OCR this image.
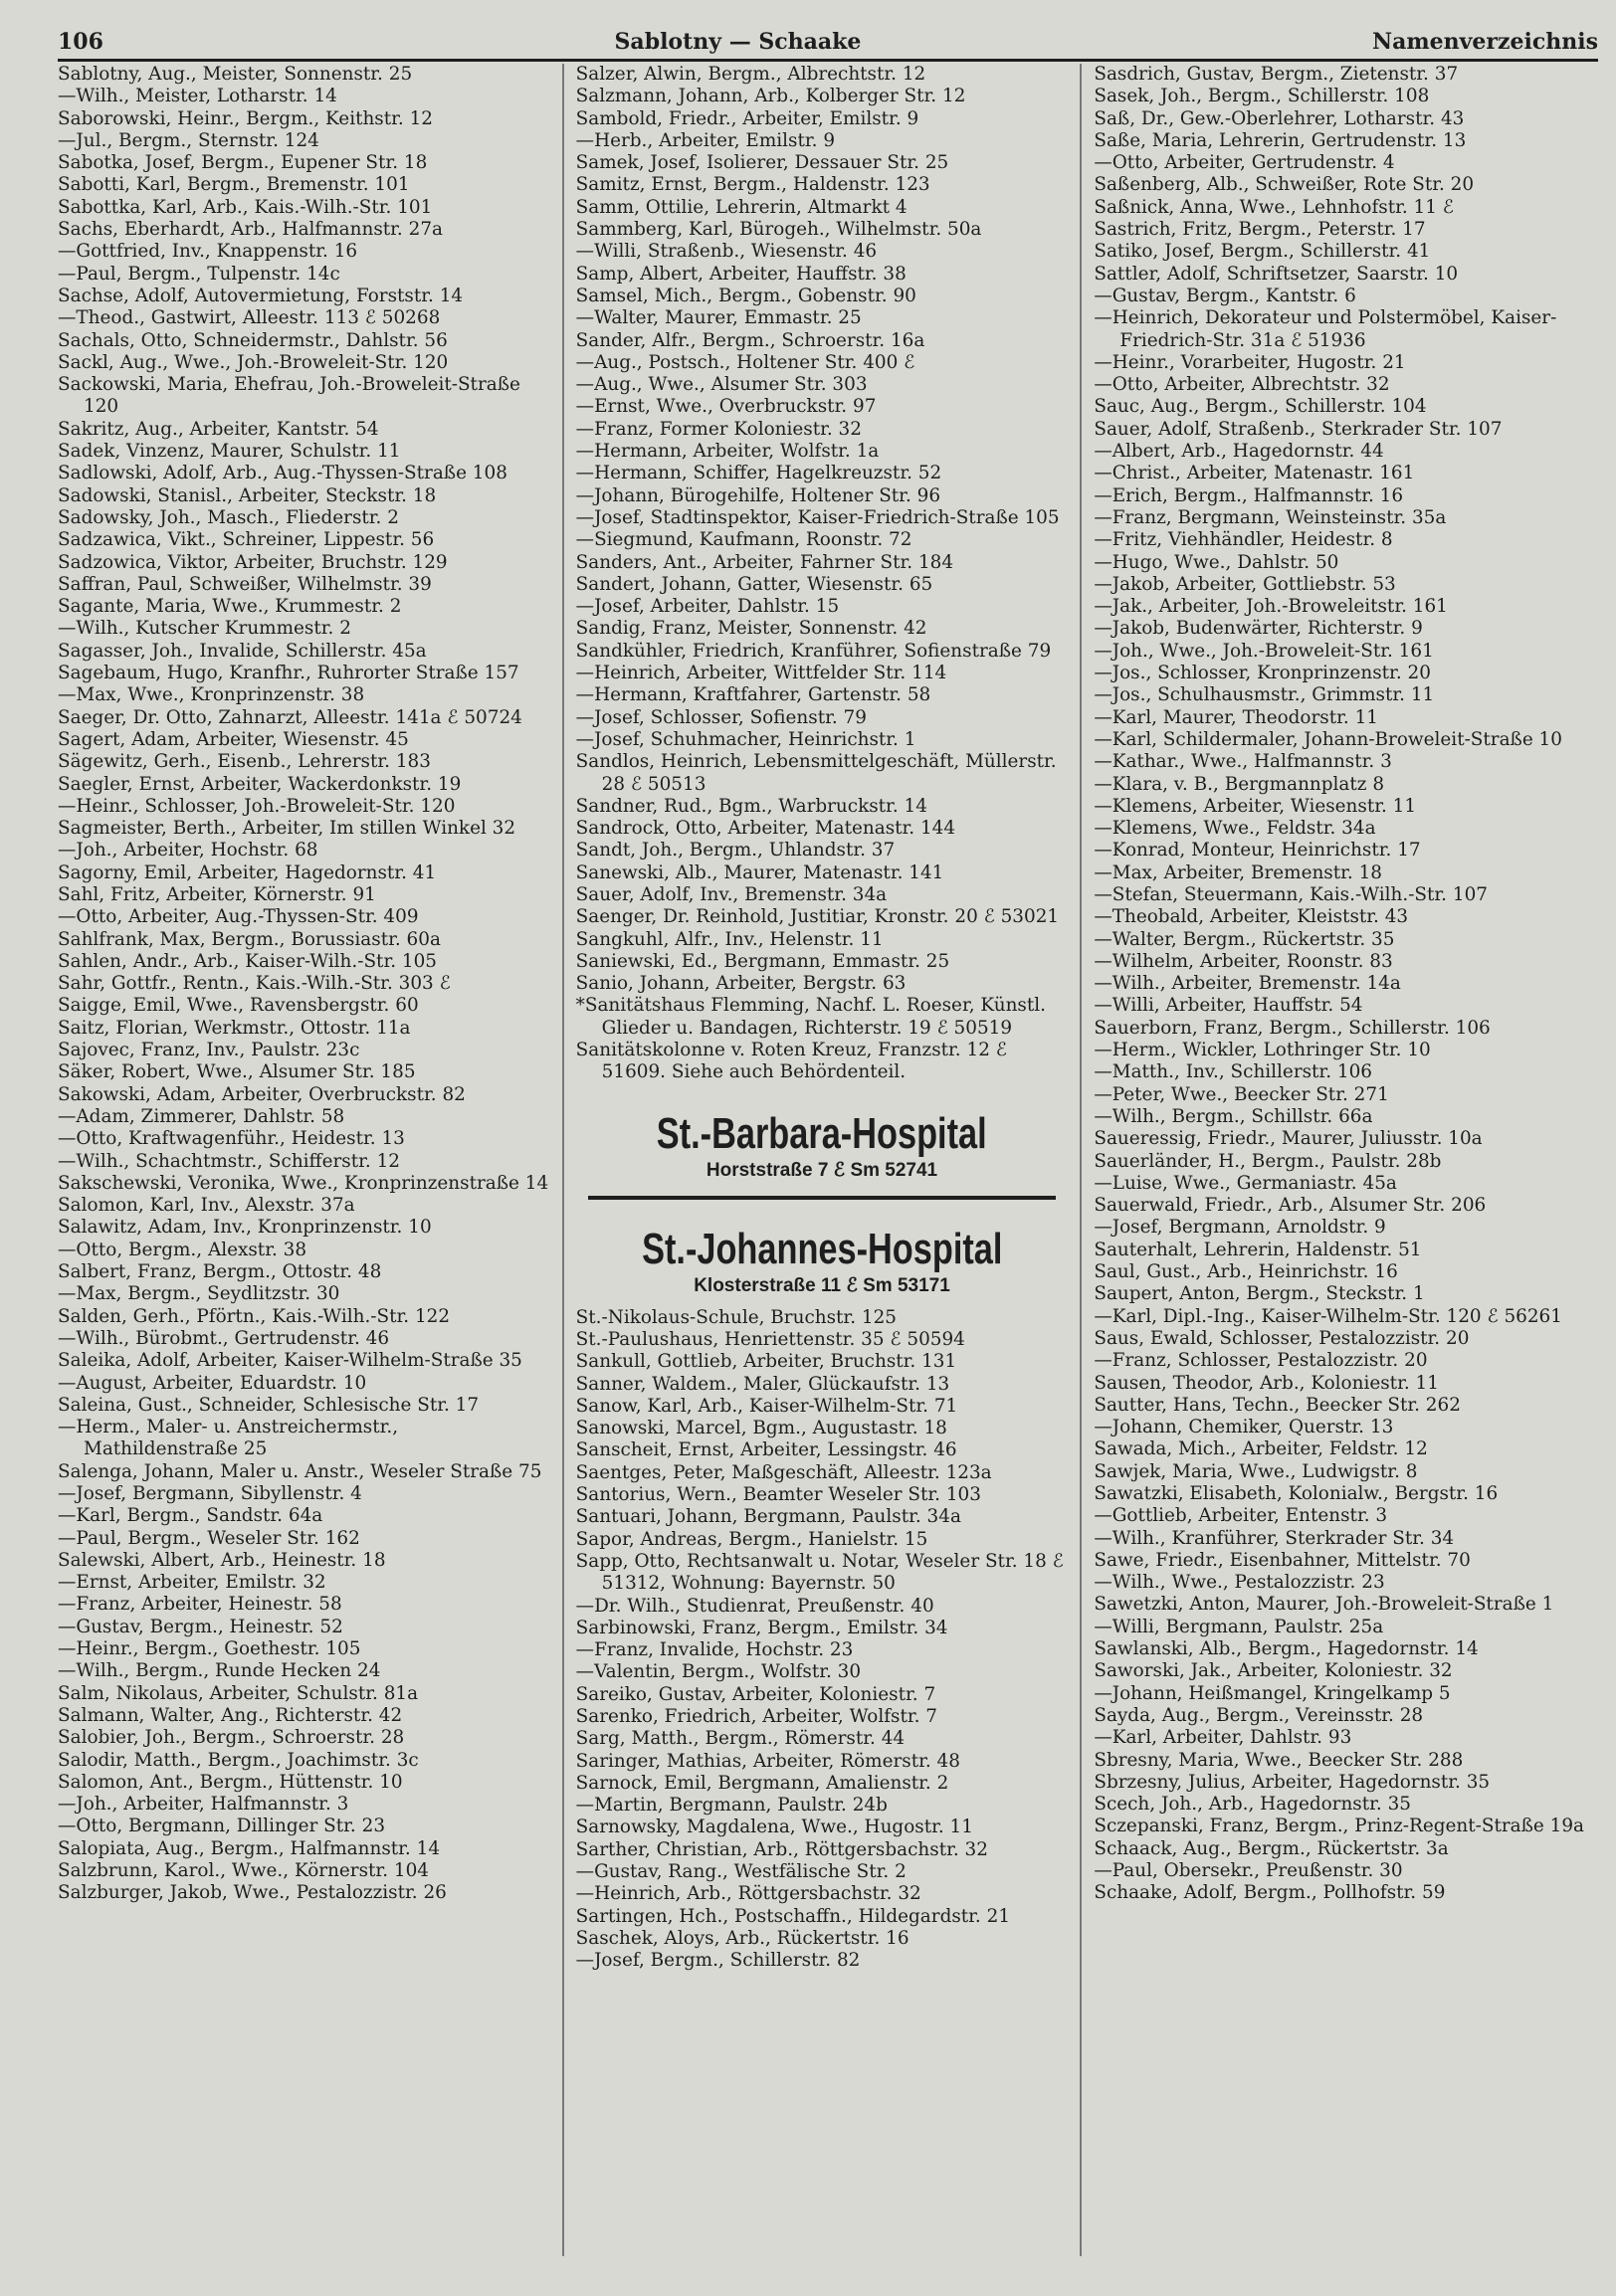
106	Sablotny — Schaake	Namenverzeichnis

Sablotny, Aug., Meister, Sonnenstr. 25

—Wilh., Meister, Lotharstr. 14

Saborowski, Heinr., Bergm., Keithstr. 12

—Jul., Bergm., Sternstr. 124

Sabotka, Josef, Bergm., Eupener Str. 18

Sabotti, Karl, Bergm., Bremenstr. 101

Sabottka, Karl, Arb., Kais.-Wilh.-Str. 101

Sachs, Eberhardt, Arb., Halfmannstr. 27a

—Gottfried, Inv., Knappenstr. 16

—Paul, Bergm., Tulpenstr. 14c

Sachse, Adolf, Autovermietung, Forststr. 14

—Theod., Gastwirt, Alleestr. 113 ℰ 50268

Sachals, Otto, Schneidermstr., Dahlstr. 56

Sackl, Aug., Wwe., Joh.-Broweleit-Str. 120

Sackowski, Maria, Ehefrau, Joh.-Broweleit-Straße 120

Sakritz, Aug., Arbeiter, Kantstr. 54

Sadek, Vinzenz, Maurer, Schulstr. 11

Sadlowski, Adolf, Arb., Aug.-Thyssen-Straße 108

Sadowski, Stanisl., Arbeiter, Steckstr. 18

Sadowsky, Joh., Masch., Fliederstr. 2

Sadzawica, Vikt., Schreiner, Lippestr. 56

Sadzowica, Viktor, Arbeiter, Bruchstr. 129

Saffran, Paul, Schweißer, Wilhelmstr. 39

Sagante, Maria, Wwe., Krummestr. 2

—Wilh., Kutscher Krummestr. 2

Sagasser, Joh., Invalide, Schillerstr. 45a

Sagebaum, Hugo, Kranfhr., Ruhrorter Straße 157

—Max, Wwe., Kronprinzenstr. 38

Saeger, Dr. Otto, Zahnarzt, Alleestr. 141a ℰ 50724

Sagert, Adam, Arbeiter, Wiesenstr. 45

Sägewitz, Gerh., Eisenb., Lehrerstr. 183

Saegler, Ernst, Arbeiter, Wackerdonkstr. 19

—Heinr., Schlosser, Joh.-Broweleit-Str. 120

Sagmeister, Berth., Arbeiter, Im stillen Winkel 32

—Joh., Arbeiter, Hochstr. 68

Sagorny, Emil, Arbeiter, Hagedornstr. 41

Sahl, Fritz, Arbeiter, Körnerstr. 91

—Otto, Arbeiter, Aug.-Thyssen-Str. 409

Sahlfrank, Max, Bergm., Borussiastr. 60a

Sahlen, Andr., Arb., Kaiser-Wilh.-Str. 105

Sahr, Gottfr., Rentn., Kais.-Wilh.-Str. 303 ℰ

Saigge, Emil, Wwe., Ravensbergstr. 60

Saitz, Florian, Werkmstr., Ottostr. 11a

Sajovec, Franz, Inv., Paulstr. 23c

Säker, Robert, Wwe., Alsumer Str. 185

Sakowski, Adam, Arbeiter, Overbruckstr. 82

—Adam, Zimmerer, Dahlstr. 58

—Otto, Kraftwagenführ., Heidestr. 13

—Wilh., Schachtmstr., Schifferstr. 12

Sakschewski, Veronika, Wwe., Kronprinzenstraße 14

Salomon, Karl, Inv., Alexstr. 37a

Salawitz, Adam, Inv., Kronprinzenstr. 10

—Otto, Bergm., Alexstr. 38

Salbert, Franz, Bergm., Ottostr. 48

—Max, Bergm., Seydlitzstr. 30

Salden, Gerh., Pförtn., Kais.-Wilh.-Str. 122

—Wilh., Bürobmt., Gertrudenstr. 46

Saleika, Adolf, Arbeiter, Kaiser-Wilhelm-Straße 35

—August, Arbeiter, Eduardstr. 10

Saleina, Gust., Schneider, Schlesische Str. 17

—Herm., Maler- u. Anstreichermstr., Mathildenstraße 25

Salenga, Johann, Maler u. Anstr., Weseler Straße 75

—Josef, Bergmann, Sibyllenstr. 4

—Karl, Bergm., Sandstr. 64a

—Paul, Bergm., Weseler Str. 162

Salewski, Albert, Arb., Heinestr. 18

—Ernst, Arbeiter, Emilstr. 32

—Franz, Arbeiter, Heinestr. 58

—Gustav, Bergm., Heinestr. 52

—Heinr., Bergm., Goethestr. 105

—Wilh., Bergm., Runde Hecken 24

Salm, Nikolaus, Arbeiter, Schulstr. 81a

Salmann, Walter, Ang., Richterstr. 42

Salobier, Joh., Bergm., Schroerstr. 28

Salodir, Matth., Bergm., Joachimstr. 3c

Salomon, Ant., Bergm., Hüttenstr. 10

—Joh., Arbeiter, Halfmannstr. 3

—Otto, Bergmann, Dillinger Str. 23

Salopiata, Aug., Bergm., Halfmannstr. 14

Salzbrunn, Karol., Wwe., Körnerstr. 104

Salzburger, Jakob, Wwe., Pestalozzistr. 26

Salzer, Alwin, Bergm., Albrechtstr. 12

Salzmann, Johann, Arb., Kolberger Str. 12

Sambold, Friedr., Arbeiter, Emilstr. 9

—Herb., Arbeiter, Emilstr. 9

Samek, Josef, Isolierer, Dessauer Str. 25

Samitz, Ernst, Bergm., Haldenstr. 123

Samm, Ottilie, Lehrerin, Altmarkt 4

Sammberg, Karl, Bürogeh., Wilhelmstr. 50a

—Willi, Straßenb., Wiesenstr. 46

Samp, Albert, Arbeiter, Hauffstr. 38

Samsel, Mich., Bergm., Gobenstr. 90

—Walter, Maurer, Emmastr. 25

Sander, Alfr., Bergm., Schroerstr. 16a

—Aug., Postsch., Holtener Str. 400 ℰ

—Aug., Wwe., Alsumer Str. 303

—Ernst, Wwe., Overbruckstr. 97

—Franz, Former Koloniestr. 32

—Hermann, Arbeiter, Wolfstr. 1a

—Hermann, Schiffer, Hagelkreuzstr. 52

—Johann, Bürogehilfe, Holtener Str. 96

—Josef, Stadtinspektor, Kaiser-Friedrich-Straße 105

—Siegmund, Kaufmann, Roonstr. 72

Sanders, Ant., Arbeiter, Fahrner Str. 184

Sandert, Johann, Gatter, Wiesenstr. 65

—Josef, Arbeiter, Dahlstr. 15

Sandig, Franz, Meister, Sonnenstr. 42

Sandkühler, Friedrich, Kranführer, Sofienstraße 79

—Heinrich, Arbeiter, Wittfelder Str. 114

—Hermann, Kraftfahrer, Gartenstr. 58

—Josef, Schlosser, Sofienstr. 79

—Josef, Schuhmacher, Heinrichstr. 1

Sandlos, Heinrich, Lebensmittelgeschäft, Müllerstr. 28 ℰ 50513

Sandner, Rud., Bgm., Warbruckstr. 14

Sandrock, Otto, Arbeiter, Matenastr. 144

Sandt, Joh., Bergm., Uhlandstr. 37

Sanewski, Alb., Maurer, Matenastr. 141

Sauer, Adolf, Inv., Bremenstr. 34a

Saenger, Dr. Reinhold, Justitiar, Kronstr. 20 ℰ 53021

Sangkuhl, Alfr., Inv., Helenstr. 11

Saniewski, Ed., Bergmann, Emmastr. 25

Sanio, Johann, Arbeiter, Bergstr. 63

*Sanitätshaus Flemming, Nachf. L. Roeser, Künstl. Glieder u. Bandagen, Richterstr. 19 ℰ 50519

Sanitätskolonne v. Roten Kreuz, Franzstr. 12 ℰ 51609. Siehe auch Behördenteil.

St.-Barbara-Hospital
Horststraße 7 ℰ Sm 52741
St.-Johannes-Hospital
Klosterstraße 11 ℰ Sm 53171

St.-Nikolaus-Schule, Bruchstr. 125

St.-Paulushaus, Henriettenstr. 35 ℰ 50594

Sankull, Gottlieb, Arbeiter, Bruchstr. 131

Sanner, Waldem., Maler, Glückaufstr. 13

Sanow, Karl, Arb., Kaiser-Wilhelm-Str. 71

Sanowski, Marcel, Bgm., Augustastr. 18

Sanscheit, Ernst, Arbeiter, Lessingstr. 46

Saentges, Peter, Maßgeschäft, Alleestr. 123a

Santorius, Wern., Beamter Weseler Str. 103

Santuari, Johann, Bergmann, Paulstr. 34a

Sapor, Andreas, Bergm., Hanielstr. 15

Sapp, Otto, Rechtsanwalt u. Notar, Weseler Str. 18 ℰ 51312, Wohnung: Bayernstr. 50

—Dr. Wilh., Studienrat, Preußenstr. 40

Sarbinowski, Franz, Bergm., Emilstr. 34

—Franz, Invalide, Hochstr. 23

—Valentin, Bergm., Wolfstr. 30

Sareiko, Gustav, Arbeiter, Koloniestr. 7

Sarenko, Friedrich, Arbeiter, Wolfstr. 7

Sarg, Matth., Bergm., Römerstr. 44

Saringer, Mathias, Arbeiter, Römerstr. 48

Sarnock, Emil, Bergmann, Amalienstr. 2

—Martin, Bergmann, Paulstr. 24b

Sarnowsky, Magdalena, Wwe., Hugostr. 11

Sarther, Christian, Arb., Röttgersbachstr. 32

—Gustav, Rang., Westfälische Str. 2

—Heinrich, Arb., Röttgersbachstr. 32

Sartingen, Hch., Postschaffn., Hildegardstr. 21

Saschek, Aloys, Arb., Rückertstr. 16

—Josef, Bergm., Schillerstr. 82

Sasdrich, Gustav, Bergm., Zietenstr. 37

Sasek, Joh., Bergm., Schillerstr. 108

Saß, Dr., Gew.-Oberlehrer, Lotharstr. 43

Saße, Maria, Lehrerin, Gertrudenstr. 13

—Otto, Arbeiter, Gertrudenstr. 4

Saßenberg, Alb., Schweißer, Rote Str. 20

Saßnick, Anna, Wwe., Lehnhofstr. 11 ℰ

Sastrich, Fritz, Bergm., Peterstr. 17

Satiko, Josef, Bergm., Schillerstr. 41

Sattler, Adolf, Schriftsetzer, Saarstr. 10

—Gustav, Bergm., Kantstr. 6

—Heinrich, Dekorateur und Polstermöbel, Kaiser-Friedrich-Str. 31a ℰ 51936

—Heinr., Vorarbeiter, Hugostr. 21

—Otto, Arbeiter, Albrechtstr. 32

Sauc, Aug., Bergm., Schillerstr. 104

Sauer, Adolf, Straßenb., Sterkrader Str. 107

—Albert, Arb., Hagedornstr. 44

—Christ., Arbeiter, Matenastr. 161

—Erich, Bergm., Halfmannstr. 16

—Franz, Bergmann, Weinsteinstr. 35a

—Fritz, Viehhändler, Heidestr. 8

—Hugo, Wwe., Dahlstr. 50

—Jakob, Arbeiter, Gottliebstr. 53

—Jak., Arbeiter, Joh.-Broweleitstr. 161

—Jakob, Budenwärter, Richterstr. 9

—Joh., Wwe., Joh.-Broweleit-Str. 161

—Jos., Schlosser, Kronprinzenstr. 20

—Jos., Schulhausmstr., Grimmstr. 11

—Karl, Maurer, Theodorstr. 11

—Karl, Schildermaler, Johann-Broweleit-Straße 10

—Kathar., Wwe., Halfmannstr. 3

—Klara, v. B., Bergmannplatz 8

—Klemens, Arbeiter, Wiesenstr. 11

—Klemens, Wwe., Feldstr. 34a

—Konrad, Monteur, Heinrichstr. 17

—Max, Arbeiter, Bremenstr. 18

—Stefan, Steuermann, Kais.-Wilh.-Str. 107

—Theobald, Arbeiter, Kleiststr. 43

—Walter, Bergm., Rückertstr. 35

—Wilhelm, Arbeiter, Roonstr. 83

—Wilh., Arbeiter, Bremenstr. 14a

—Willi, Arbeiter, Hauffstr. 54

Sauerborn, Franz, Bergm., Schillerstr. 106

—Herm., Wickler, Lothringer Str. 10

—Matth., Inv., Schillerstr. 106

—Peter, Wwe., Beecker Str. 271

—Wilh., Bergm., Schillstr. 66a

Saueressig, Friedr., Maurer, Juliusstr. 10a

Sauerländer, H., Bergm., Paulstr. 28b

—Luise, Wwe., Germaniastr. 45a

Sauerwald, Friedr., Arb., Alsumer Str. 206

—Josef, Bergmann, Arnoldstr. 9

Sauterhalt, Lehrerin, Haldenstr. 51

Saul, Gust., Arb., Heinrichstr. 16

Saupert, Anton, Bergm., Steckstr. 1

—Karl, Dipl.-Ing., Kaiser-Wilhelm-Str. 120 ℰ 56261

Saus, Ewald, Schlosser, Pestalozzistr. 20

—Franz, Schlosser, Pestalozzistr. 20

Sausen, Theodor, Arb., Koloniestr. 11

Sautter, Hans, Techn., Beecker Str. 262

—Johann, Chemiker, Querstr. 13

Sawada, Mich., Arbeiter, Feldstr. 12

Sawjek, Maria, Wwe., Ludwigstr. 8

Sawatzki, Elisabeth, Kolonialw., Bergstr. 16

—Gottlieb, Arbeiter, Entenstr. 3

—Wilh., Kranführer, Sterkrader Str. 34

Sawe, Friedr., Eisenbahner, Mittelstr. 70

—Wilh., Wwe., Pestalozzistr. 23

Sawetzki, Anton, Maurer, Joh.-Broweleit-Straße 1

—Willi, Bergmann, Paulstr. 25a

Sawlanski, Alb., Bergm., Hagedornstr. 14

Saworski, Jak., Arbeiter, Koloniestr. 32

—Johann, Heißmangel, Kringelkamp 5

Sayda, Aug., Bergm., Vereinsstr. 28

—Karl, Arbeiter, Dahlstr. 93

Sbresny, Maria, Wwe., Beecker Str. 288

Sbrzesny, Julius, Arbeiter, Hagedornstr. 35

Scech, Joh., Arb., Hagedornstr. 35

Sczepanski, Franz, Bergm., Prinz-Regent-Straße 19a

Schaack, Aug., Bergm., Rückertstr. 3a

—Paul, Obersekr., Preußenstr. 30

Schaake, Adolf, Bergm., Pollhofstr. 59
